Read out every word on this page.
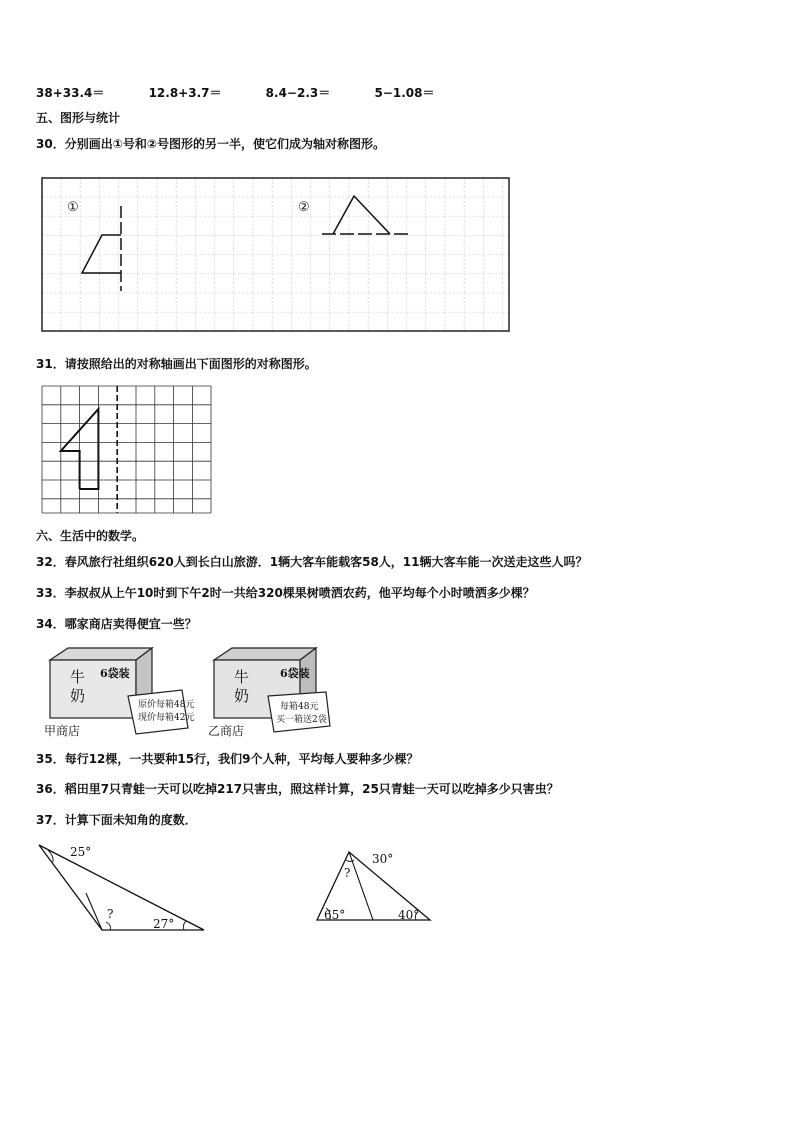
38+33.4＝	12.8+3.7＝	8.4−2.3＝	5−1.08＝
五、图形与统计
30．分别画出①号和②号图形的另一半，使它们成为轴对称图形。
①	②
31．请按照给出的对称轴画出下面图形的对称图形。
六、生活中的数学。
32．春风旅行社组织620人到长白山旅游．1辆大客车能载客58人，11辆大客车能一次送走这些人吗？
33．李叔叔从上午10时到下午2时一共给320棵果树喷洒农药，他平均每个小时喷洒多少棵？
34．哪家商店卖得便宜一些？
牛奶
6袋装
原价每箱48元
现价每箱42元
甲商店
牛奶
6袋装
每箱48元
买一箱送2袋
乙商店
35．每行12棵，一共要种15行，我们9个人种，平均每人要种多少棵？
36．稻田里7只青蛙一天可以吃掉217只害虫，照这样计算，25只青蛙一天可以吃掉多少只害虫？
37．计算下面未知角的度数．
25°
?
27°
30°
?
65°	40°
